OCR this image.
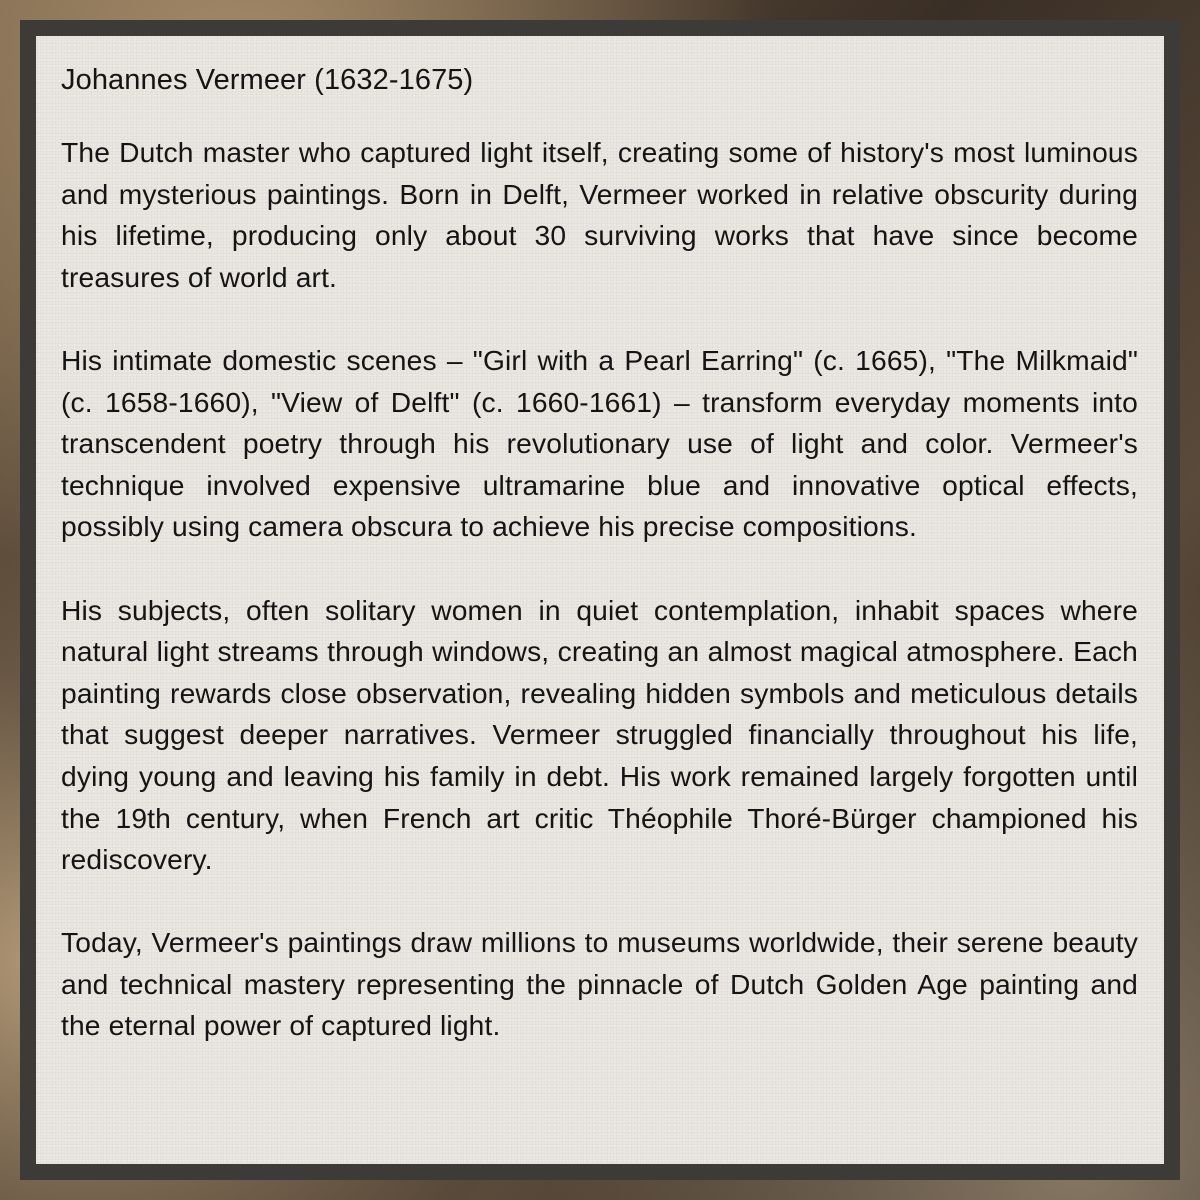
Johannes Vermeer (1632-1675)

The Dutch master who captured light itself, creating some of history's most luminous and mysterious paintings. Born in Delft, Vermeer worked in relative obscurity during his lifetime, producing only about 30 surviving works that have since become treasures of world art.

His intimate domestic scenes – "Girl with a Pearl Earring" (c. 1665), "The Milkmaid" (c. 1658-1660), "View of Delft" (c. 1660-1661) – transform everyday moments into transcendent poetry through his revolutionary use of light and color. Vermeer's technique involved expensive ultramarine blue and innovative optical effects, possibly using camera obscura to achieve his precise compositions.

His subjects, often solitary women in quiet contemplation, inhabit spaces where natural light streams through windows, creating an almost magical atmosphere. Each painting rewards close observation, revealing hidden symbols and meticulous details that suggest deeper narratives. Vermeer struggled financially throughout his life, dying young and leaving his family in debt. His work remained largely forgotten until the 19th century, when French art critic Théophile Thoré-Bürger championed his rediscovery.

Today, Vermeer's paintings draw millions to museums worldwide, their serene beauty and technical mastery representing the pinnacle of Dutch Golden Age painting and the eternal power of captured light.
